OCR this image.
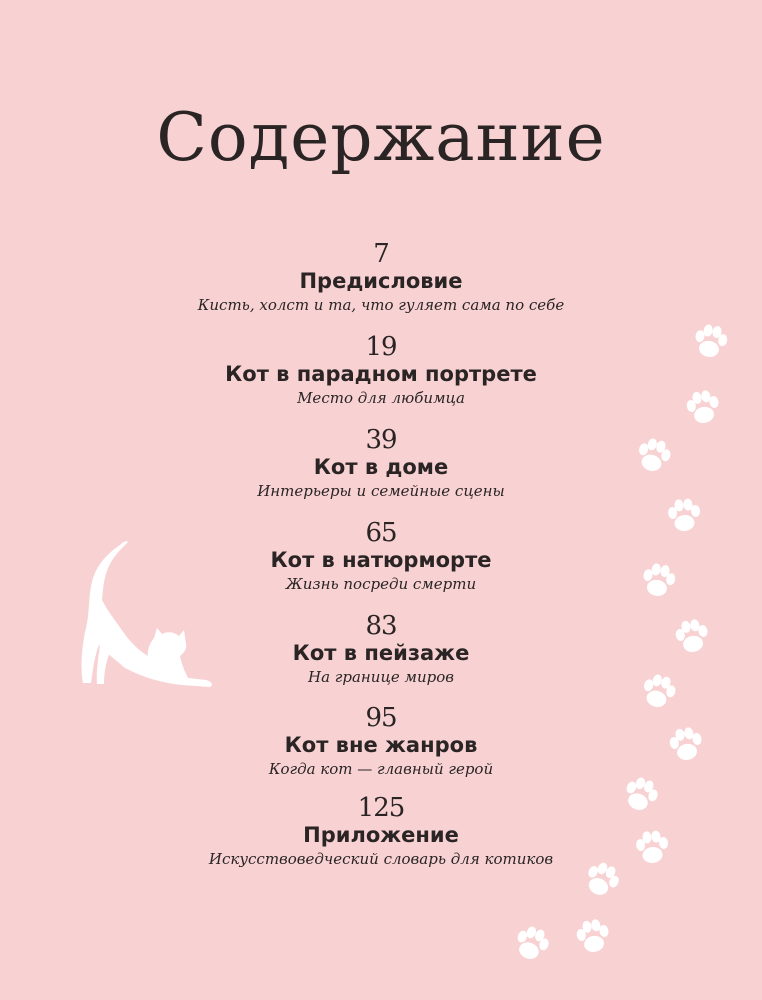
Содержание
7
Предисловие
Кисть, холст и та, что гуляет сама по себе
19
Кот в парадном портрете
Место для любимца
39
Кот в доме
Интерьеры и семейные сцены
65
Кот в натюрморте
Жизнь посреди смерти
83
Кот в пейзаже
На границе миров
95
Кот вне жанров
Когда кот — главный герой
125
Приложение
Искусствоведческий словарь для котиков
